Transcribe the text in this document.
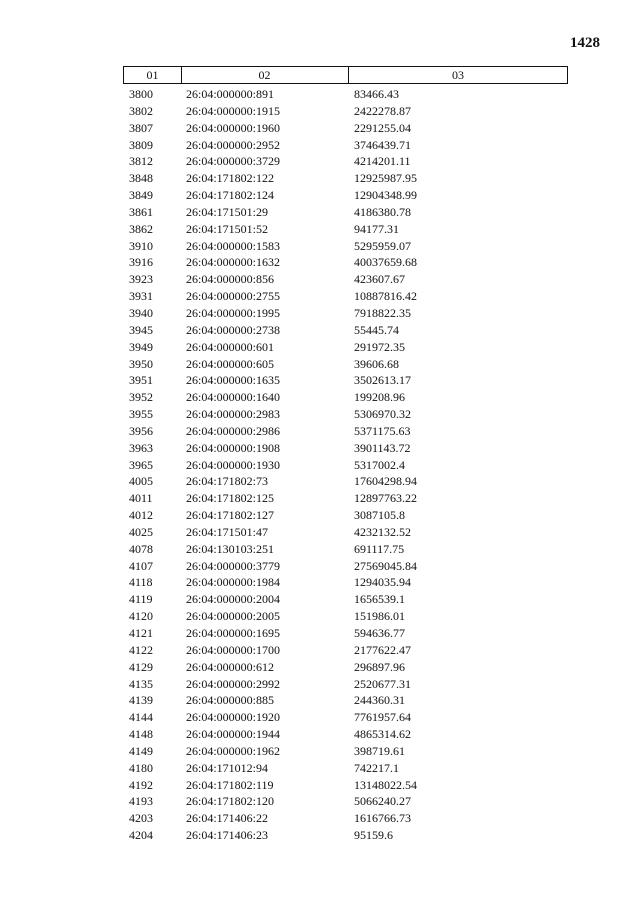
1428
01	02	03
3800	26:04:000000:891	83466.43
3802	26:04:000000:1915	2422278.87
3807	26:04:000000:1960	2291255.04
3809	26:04:000000:2952	3746439.71
3812	26:04:000000:3729	4214201.11
3848	26:04:171802:122	12925987.95
3849	26:04:171802:124	12904348.99
3861	26:04:171501:29	4186380.78
3862	26:04:171501:52	94177.31
3910	26:04:000000:1583	5295959.07
3916	26:04:000000:1632	40037659.68
3923	26:04:000000:856	423607.67
3931	26:04:000000:2755	10887816.42
3940	26:04:000000:1995	7918822.35
3945	26:04:000000:2738	55445.74
3949	26:04:000000:601	291972.35
3950	26:04:000000:605	39606.68
3951	26:04:000000:1635	3502613.17
3952	26:04:000000:1640	199208.96
3955	26:04:000000:2983	5306970.32
3956	26:04:000000:2986	5371175.63
3963	26:04:000000:1908	3901143.72
3965	26:04:000000:1930	5317002.4
4005	26:04:171802:73	17604298.94
4011	26:04:171802:125	12897763.22
4012	26:04:171802:127	3087105.8
4025	26:04:171501:47	4232132.52
4078	26:04:130103:251	691117.75
4107	26:04:000000:3779	27569045.84
4118	26:04:000000:1984	1294035.94
4119	26:04:000000:2004	1656539.1
4120	26:04:000000:2005	151986.01
4121	26:04:000000:1695	594636.77
4122	26:04:000000:1700	2177622.47
4129	26:04:000000:612	296897.96
4135	26:04:000000:2992	2520677.31
4139	26:04:000000:885	244360.31
4144	26:04:000000:1920	7761957.64
4148	26:04:000000:1944	4865314.62
4149	26:04:000000:1962	398719.61
4180	26:04:171012:94	742217.1
4192	26:04:171802:119	13148022.54
4193	26:04:171802:120	5066240.27
4203	26:04:171406:22	1616766.73
4204	26:04:171406:23	95159.6
